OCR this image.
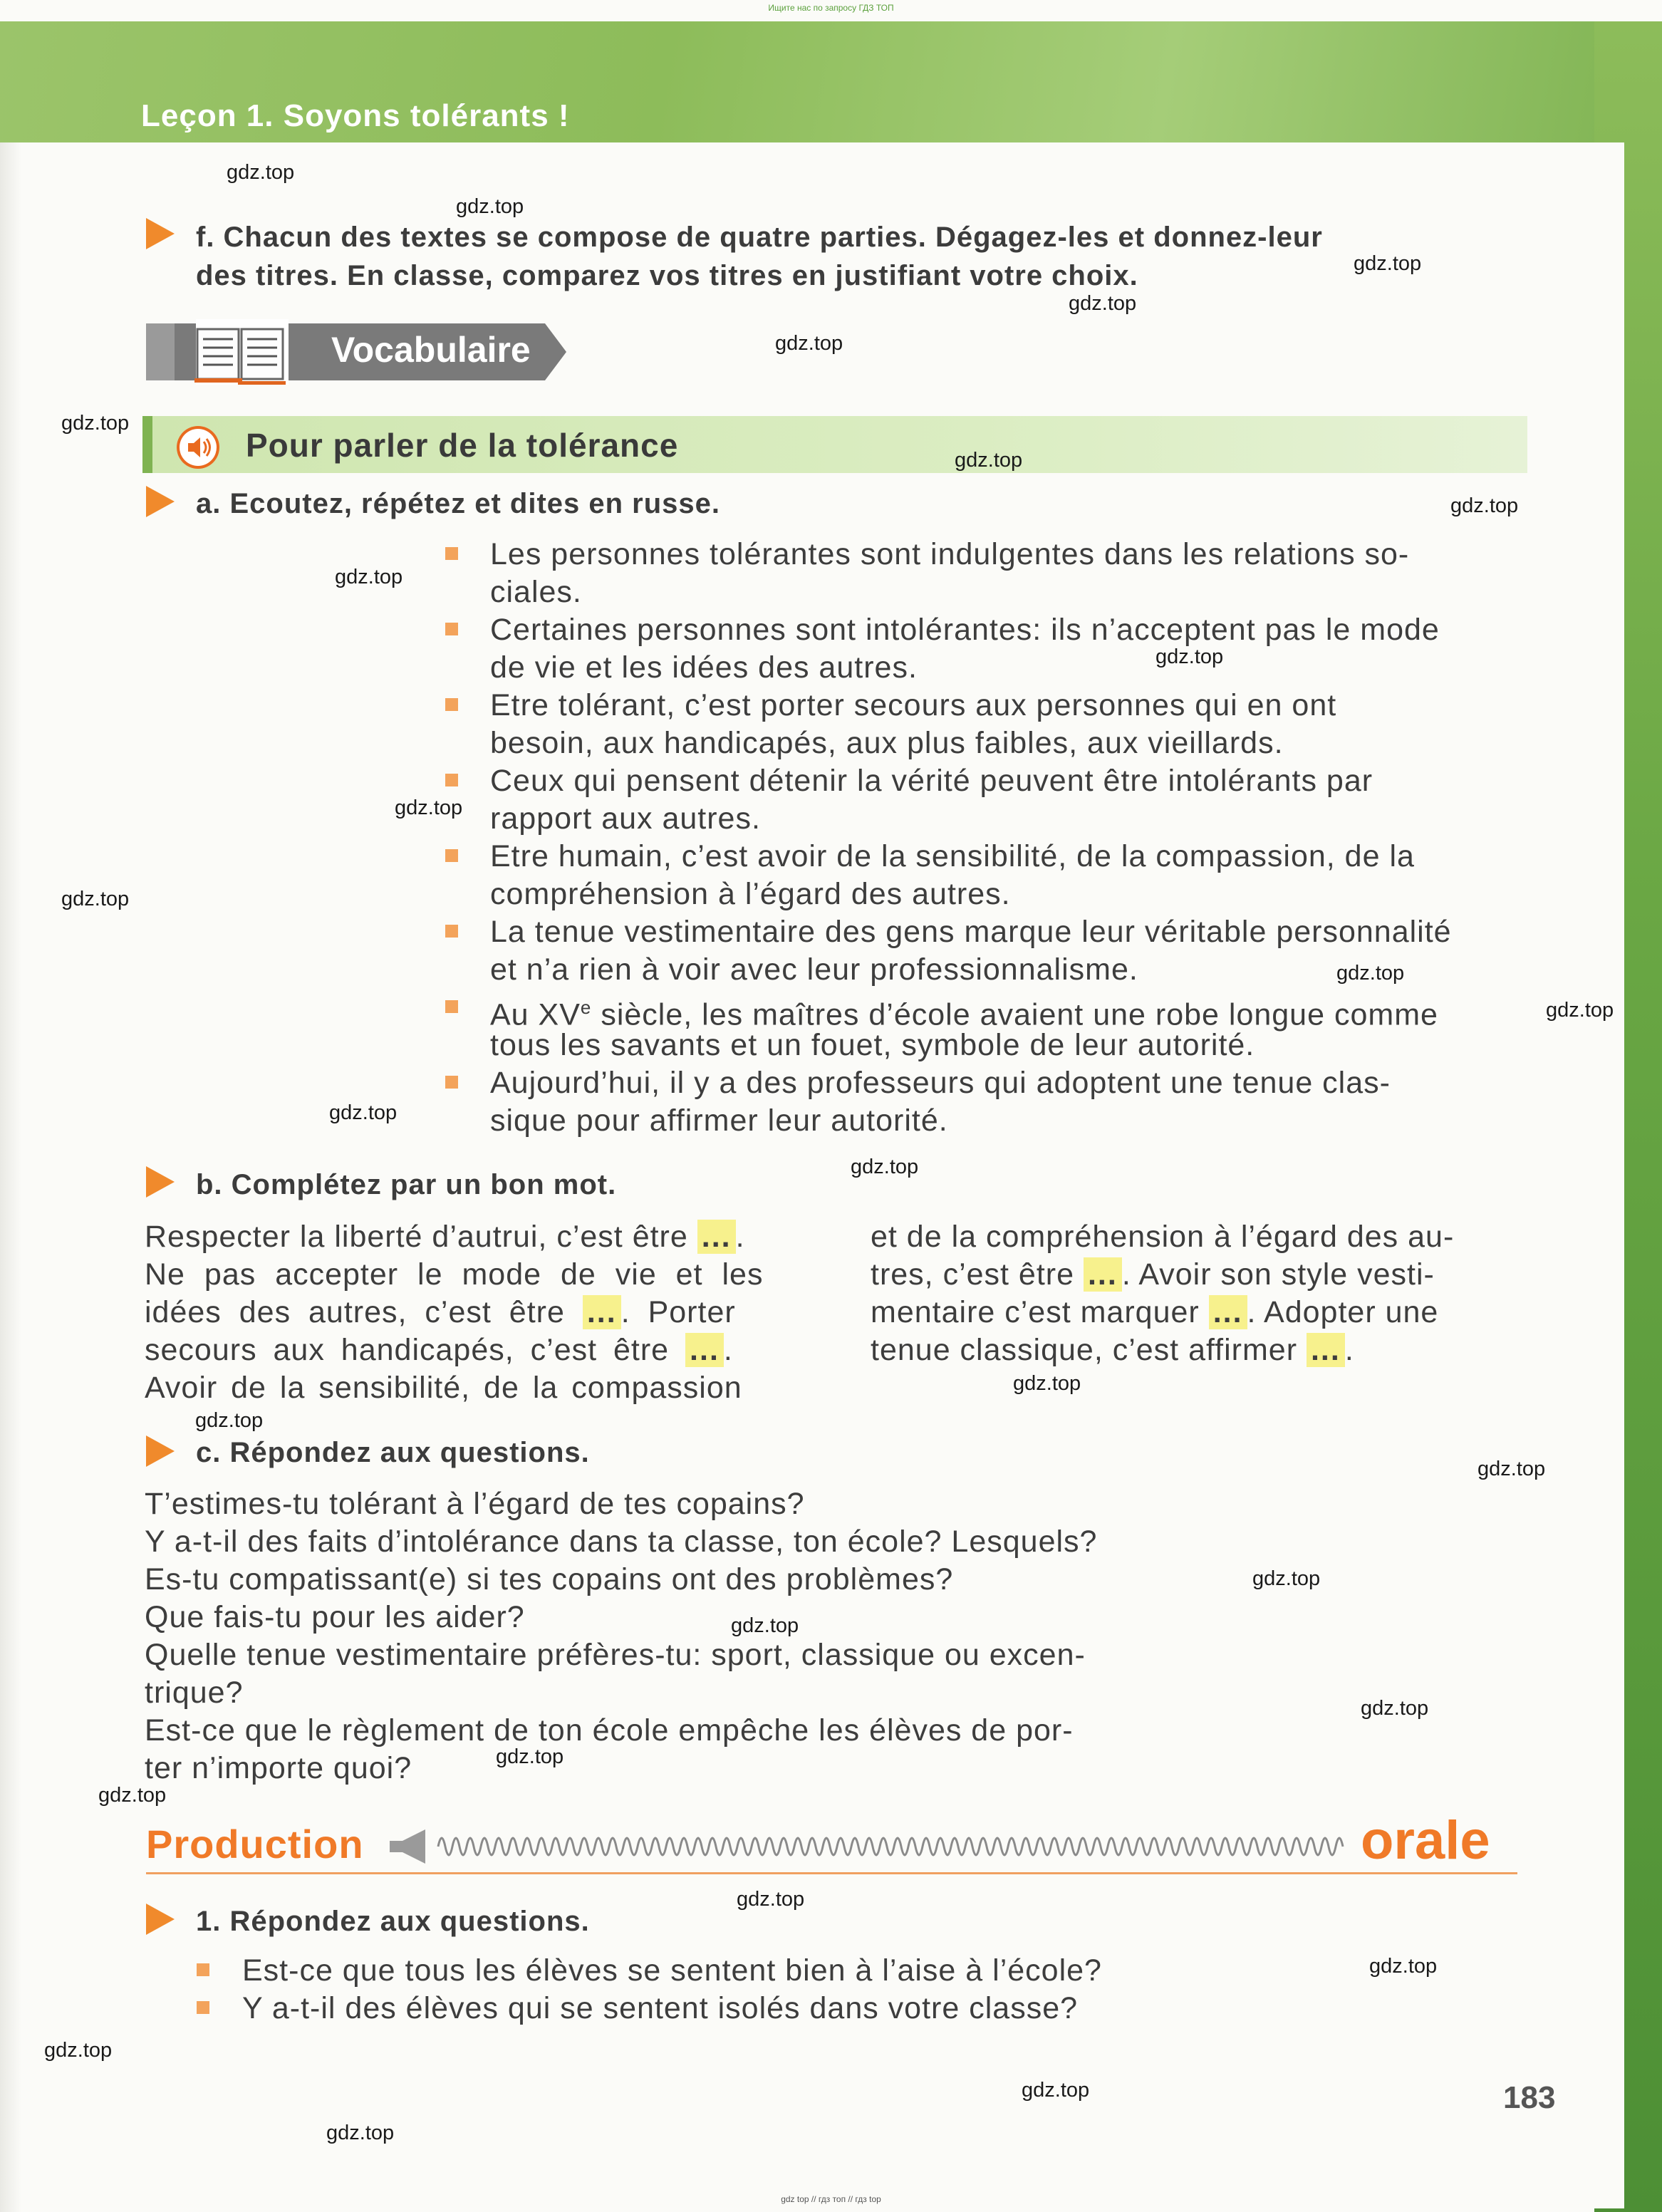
Ищите нас по запросу ГДЗ ТОП
Leçon 1. Soyons tolérants !
f. Chacun des textes se compose de quatre parties. Dégagez-les et donnez-leur
des titres. En classe, comparez vos titres en justifiant votre choix.
Vocabulaire
Pour parler de la tolérance
a. Ecoutez, répétez et dites en russe.
Les personnes tolérantes sont indulgentes dans les relations so-
ciales.
Certaines personnes sont intolérantes: ils n’acceptent pas le mode
de vie et les idées des autres.
Etre tolérant, c’est porter secours aux personnes qui en ont
besoin, aux handicapés, aux plus faibles, aux vieillards.
Ceux qui pensent détenir la vérité peuvent être intolérants par
rapport aux autres.
Etre humain, c’est avoir de la sensibilité, de la compassion, de la
compréhension à l’égard des autres.
La tenue vestimentaire des gens marque leur véritable personnalité
et n’a rien à voir avec leur professionnalisme.
Au XVe siècle, les maîtres d’école avaient une robe longue comme
tous les savants et un fouet, symbole de leur autorité.
Aujourd’hui, il y a des professeurs qui adoptent une tenue clas-
sique pour affirmer leur autorité.
b. Complétez par un bon mot.
Respecter la liberté d’autrui, c’est être ... .
Ne pas accepter le mode de vie et les
idées des autres, c’est être ... . Porter
secours aux handicapés, c’est être ... .
Avoir de la sensibilité, de la compassion
et de la compréhension à l’égard des au-
tres, c’est être ... . Avoir son style vesti-
mentaire c’est marquer ... . Adopter une
tenue classique, c’est affirmer ... .
c. Répondez aux questions.
T’estimes-tu tolérant à l’égard de tes copains?
Y a-t-il des faits d’intolérance dans ta classe, ton école? Lesquels?
Es-tu compatissant(e) si tes copains ont des problèmes?
Que fais-tu pour les aider?
Quelle tenue vestimentaire préfères-tu: sport, classique ou excen-
trique?
Est-ce que le règlement de ton école empêche les élèves de por-
ter n’importe quoi?
Production	orale
1. Répondez aux questions.
Est-ce que tous les élèves se sentent bien à l’aise à l’école?
Y a-t-il des élèves qui se sentent isolés dans votre classe?
183
gdz top // гдз топ // гдз top
gdz.top
gdz.top
gdz.top
gdz.top
gdz.top
gdz.top
gdz.top
gdz.top
gdz.top
gdz.top
gdz.top
gdz.top
gdz.top
gdz.top
gdz.top
gdz.top
gdz.top
gdz.top
gdz.top
gdz.top
gdz.top
gdz.top
gdz.top
gdz.top
gdz.top
gdz.top
gdz.top
gdz.top
gdz.top
